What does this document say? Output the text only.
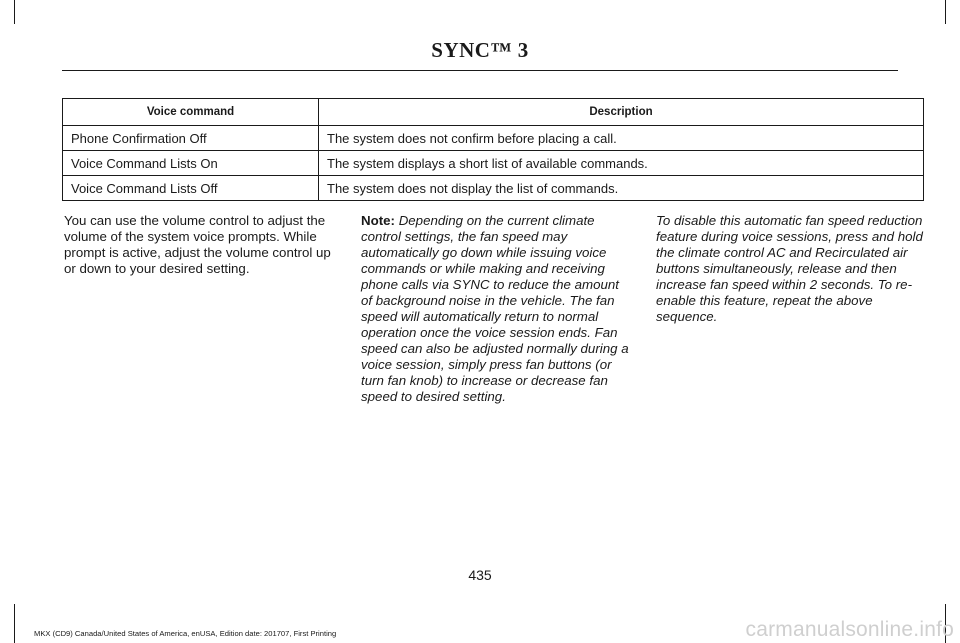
SYNC™ 3
Voice command	Description
Phone Confirmation Off	The system does not confirm before placing a call.
Voice Command Lists On	The system displays a short list of available commands.
Voice Command Lists Off	The system does not display the list of commands.

You can use the volume control to adjust the volume of the system voice prompts. While prompt is active, adjust the volume control up or down to your desired setting.

Note: Depending on the current climate control settings, the fan speed may automatically go down while issuing voice commands or while making and receiving phone calls via SYNC to reduce the amount of background noise in the vehicle. The fan speed will automatically return to normal operation once the voice session ends. Fan speed can also be adjusted normally during a voice session, simply press fan buttons (or turn fan knob) to increase or decrease fan speed to desired setting.

To disable this automatic fan speed reduction feature during voice sessions, press and hold the climate control AC and Recirculated air buttons simultaneously, release and then increase fan speed within 2 seconds. To re-enable this feature, repeat the above sequence.

435
MKX (CD9) Canada/United States of America, enUSA, Edition date: 201707, First Printing	carmanualsonline.info
